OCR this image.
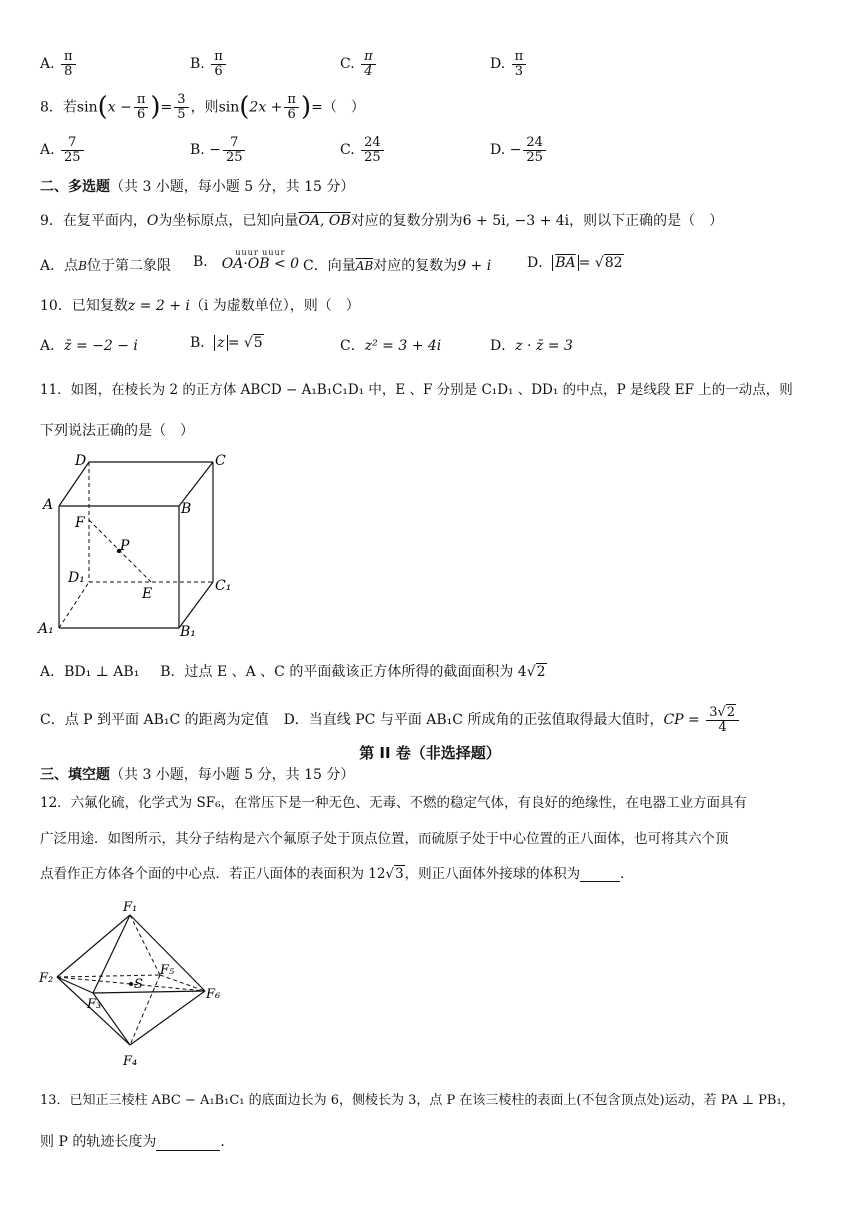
A. $\frac{\pi}{8}$	B. $\frac{\pi}{6}$	C. $\frac{\pi}{4}$	D. $\frac{\pi}{3}$
8．若$\sin(x - \frac{\pi}{6}$ )= $\frac{3}{5}$ ，则$\sin(2x + \frac{\pi}{6}$ )=（　）
A. $\frac{7}{25}$	B. − $\frac{7}{25}$	C. $\frac{24}{25}$	D. − $\frac{24}{25}$
二、多选题（共 3 小题，每小题 5 分，共 15 分）
9．在复平面内，O为坐标原点，已知向量OA, OB对应的复数分别为6 + 5i, −3 + 4i，则以下正确的是（　）
A．点B位于第二象限 B．
uuur uuur
OA·OB < 0 C．向量$\overline{AB}$对应的复数为9 + i	D． $\overline{BA} = √82$
10．已知复数z = 2 + i（i 为虚数单位），则（　）
A．z̄ = −2 − i	B． z = √5	C．z² = 3 + 4i	D．z · z̄ = 3
11．如图，在棱长为 2 的正方体 ABCD − A₁B₁C₁D₁ 中，E 、F 分别是 C₁D₁ 、DD₁ 的中点，P 是线段 EF 上的一动点，则
下列说法正确的是（　）
D	C
A	B
F
P
D₁	C₁
E
A₁	B₁
A．BD₁ ⊥ AB₁ B．过点 E 、A 、C 的平面截该正方体所得的截面面积为 4√2
C．点 P 到平面 AB₁C 的距离为定值 D．当直线 PC 与平面 AB₁C 所成角的正弦值取得最大值时，CP = $\frac{3√2}{4}$
第 II 卷（非选择题）
三、填空题（共 3 小题，每小题 5 分，共 15 分）
12．六氟化硫，化学式为 SF₆，在常压下是一种无色、无毒、不燃的稳定气体，有良好的绝缘性，在电器工业方面具有
广泛用途．如图所示，其分子结构是六个氟原子处于顶点位置，而硫原子处于中心位置的正八面体，也可将其六个顶
点看作正方体各个面的中心点．若正八面体的表面积为 12√3，则正八面体外接球的体积为	．
F₁
F₂
F₃
F₄
F₅
F₆
S
13．已知正三棱柱 ABC − A₁B₁C₁ 的底面边长为 6，侧棱长为 3，点 P 在该三棱柱的表面上(不包含顶点处)运动，若 PA ⊥ PB₁，
则 P 的轨迹长度为	．
